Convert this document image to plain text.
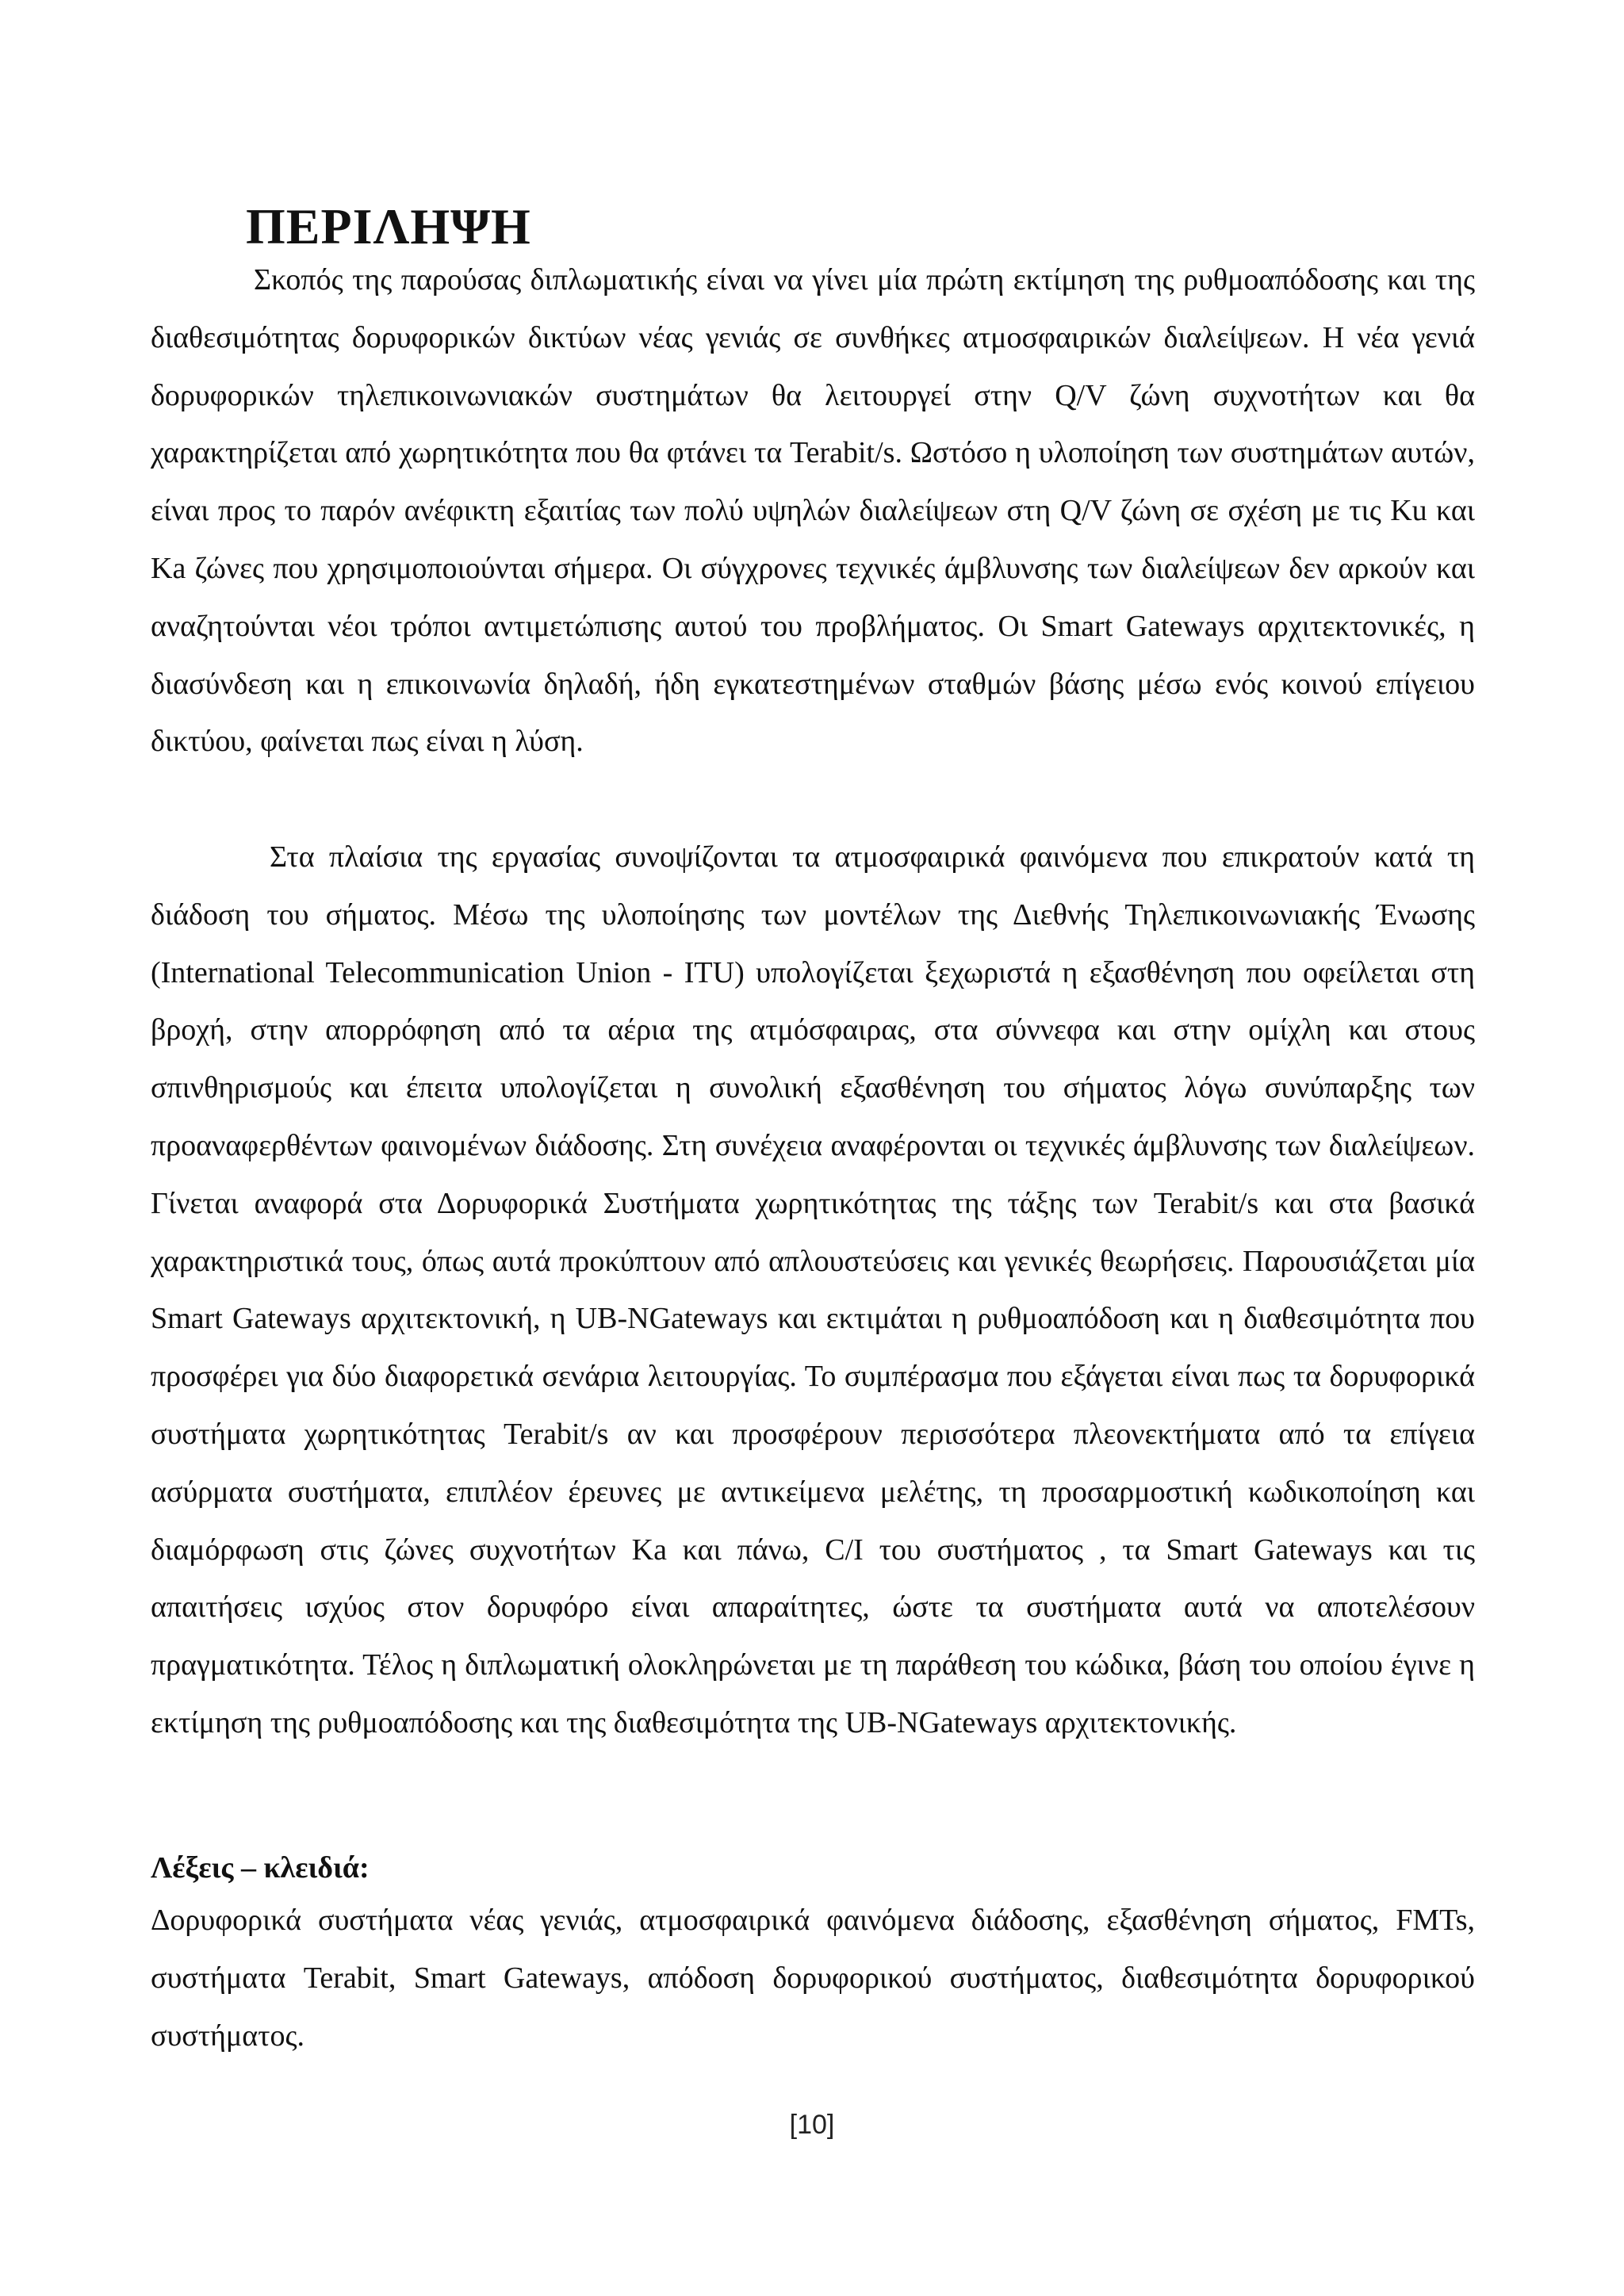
ΠΕΡΙΛΗΨΗ

Σκοπός της παρούσας διπλωματικής είναι να γίνει μία πρώτη εκτίμηση της ρυθμοαπόδοσης και της διαθεσιμότητας δορυφορικών δικτύων νέας γενιάς σε συνθήκες ατμοσφαιρικών διαλείψεων. Η νέα γενιά δορυφορικών τηλεπικοινωνιακών συστημάτων θα λειτουργεί στην Q/V ζώνη συχνοτήτων και θα χαρακτηρίζεται από χωρητικότητα που θα φτάνει τα Terabit/s. Ωστόσο η υλοποίηση των συστημάτων αυτών, είναι προς το παρόν ανέφικτη εξαιτίας των πολύ υψηλών διαλείψεων στη Q/V ζώνη σε σχέση με τις Ku και Ka ζώνες που χρησιμοποιούνται σήμερα. Οι σύγχρονες τεχνικές άμβλυνσης των διαλείψεων δεν αρκούν και αναζητούνται νέοι τρόποι αντιμετώπισης αυτού του προβλήματος. Οι Smart Gateways αρχιτεκτονικές, η διασύνδεση και η επικοινωνία δηλαδή, ήδη εγκατεστημένων σταθμών βάσης μέσω ενός κοινού επίγειου δικτύου, φαίνεται πως είναι η λύση.

Στα πλαίσια της εργασίας συνοψίζονται τα ατμοσφαιρικά φαινόμενα που επικρατούν κατά τη διάδοση του σήματος. Μέσω της υλοποίησης των μοντέλων της Διεθνής Τηλεπικοινωνιακής Ένωσης (International Telecommunication Union - ITU) υπολογίζεται ξεχωριστά η εξασθένηση που οφείλεται στη βροχή, στην απορρόφηση από τα αέρια της ατμόσφαιρας, στα σύννεφα και στην ομίχλη και στους σπινθηρισμούς και έπειτα υπολογίζεται η συνολική εξασθένηση του σήματος λόγω συνύπαρξης των προαναφερθέντων φαινομένων διάδοσης. Στη συνέχεια αναφέρονται οι τεχνικές άμβλυνσης των διαλείψεων. Γίνεται αναφορά στα Δορυφορικά Συστήματα χωρητικότητας της τάξης των Terabit/s και στα βασικά χαρακτηριστικά τους, όπως αυτά προκύπτουν από απλουστεύσεις και γενικές θεωρήσεις. Παρουσιάζεται μία Smart Gateways αρχιτεκτονική, η UB-NGateways και εκτιμάται η ρυθμοαπόδοση και η διαθεσιμότητα που προσφέρει για δύο διαφορετικά σενάρια λειτουργίας. Το συμπέρασμα που εξάγεται είναι πως τα δορυφορικά συστήματα χωρητικότητας Terabit/s αν και προσφέρουν περισσότερα πλεονεκτήματα από τα επίγεια ασύρματα συστήματα, επιπλέον έρευνες με αντικείμενα μελέτης, τη προσαρμοστική κωδικοποίηση και διαμόρφωση στις ζώνες συχνοτήτων Ka και πάνω, C/I του συστήματος , τα Smart Gateways και τις απαιτήσεις ισχύος στον δορυφόρο είναι απαραίτητες, ώστε τα συστήματα αυτά να αποτελέσουν πραγματικότητα. Τέλος η διπλωματική ολοκληρώνεται με τη παράθεση του κώδικα, βάση του οποίου έγινε η εκτίμηση της ρυθμοαπόδοσης και της διαθεσιμότητα της UB-NGateways αρχιτεκτονικής.

Λέξεις – κλειδιά:

Δορυφορικά συστήματα νέας γενιάς, ατμοσφαιρικά φαινόμενα διάδοσης, εξασθένηση σήματος, FMTs, συστήματα Terabit, Smart Gateways, απόδοση δορυφορικού συστήματος, διαθεσιμότητα δορυφορικού συστήματος.

[10]
